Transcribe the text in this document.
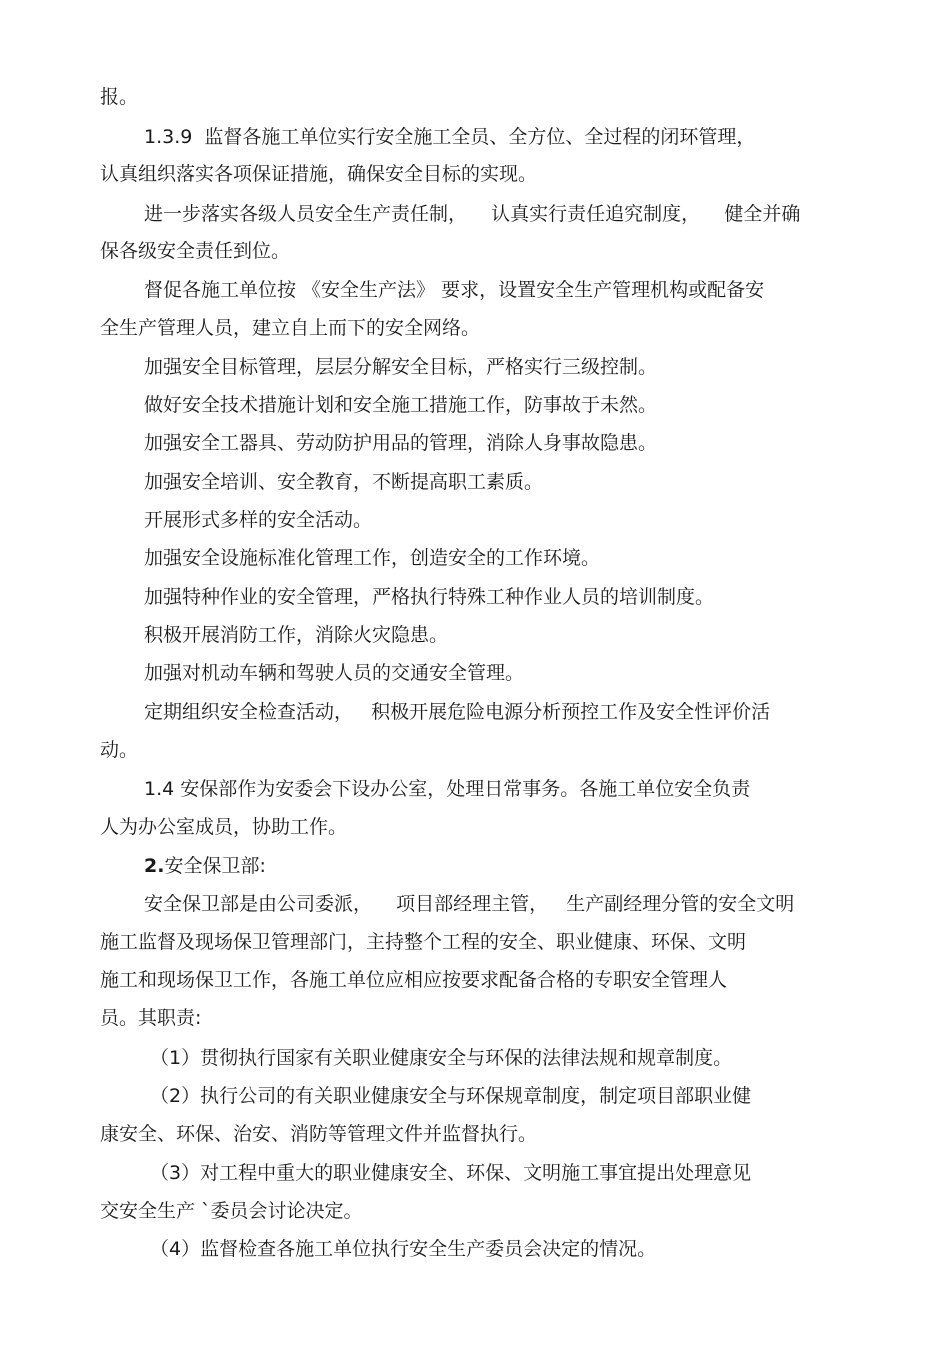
报。
1.3.9  监督各施工单位实行安全施工全员、全方位、全过程的闭环管理，
认真组织落实各项保证措施，确保安全目标的实现。
进一步落实各级人员安全生产责任制，    认真实行责任追究制度，    健全并确
保各级安全责任到位。
督促各施工单位按 《安全生产法》 要求，设置安全生产管理机构或配备安
全生产管理人员，建立自上而下的安全网络。
加强安全目标管理，层层分解安全目标，严格实行三级控制。
做好安全技术措施计划和安全施工措施工作，防事故于未然。
加强安全工器具、劳动防护用品的管理，消除人身事故隐患。
加强安全培训、安全教育，不断提高职工素质。
开展形式多样的安全活动。
加强安全设施标准化管理工作，创造安全的工作环境。
加强特种作业的安全管理，严格执行特殊工种作业人员的培训制度。
积极开展消防工作，消除火灾隐患。
加强对机动车辆和驾驶人员的交通安全管理。
定期组织安全检查活动，   积极开展危险电源分析预控工作及安全性评价活
动。
1.4 安保部作为安委会下设办公室，处理日常事务。各施工单位安全负责
人为办公室成员，协助工作。
2.安全保卫部:
安全保卫部是由公司委派，    项目部经理主管，   生产副经理分管的安全文明
施工监督及现场保卫管理部门，主持整个工程的安全、职业健康、环保、文明
施工和现场保卫工作，各施工单位应相应按要求配备合格的专职安全管理人
员。其职责:
（1）贯彻执行国家有关职业健康安全与环保的法律法规和规章制度。
（2）执行公司的有关职业健康安全与环保规章制度，制定项目部职业健
康安全、环保、治安、消防等管理文件并监督执行。
（3）对工程中重大的职业健康安全、环保、文明施工事宜提出处理意见
交安全生产 `委员会讨论决定。
（4）监督检查各施工单位执行安全生产委员会决定的情况。
